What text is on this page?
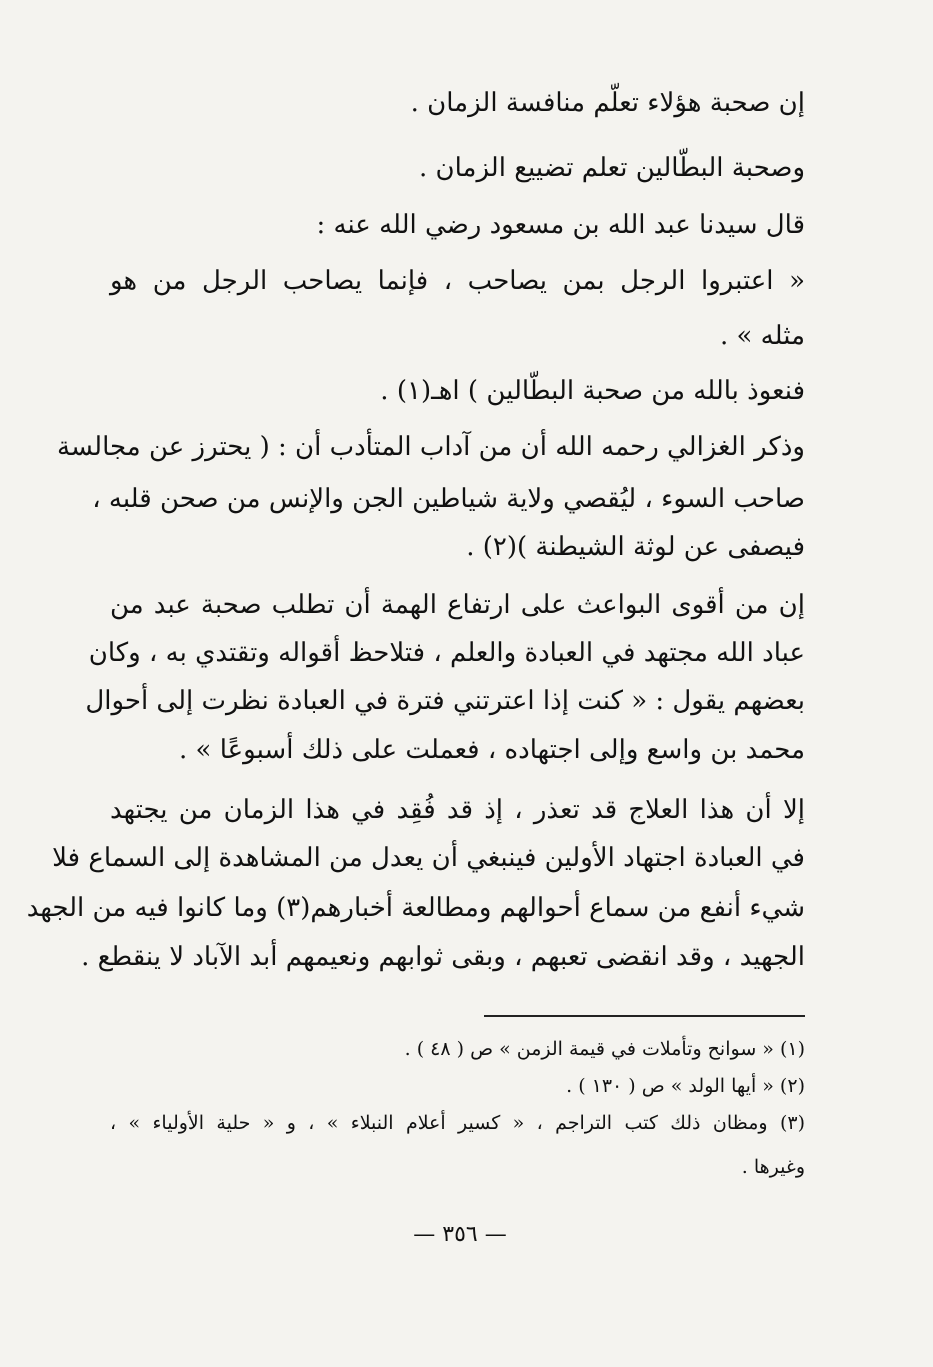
إن صحبة هؤلاء تعلّم منافسة الزمان .
وصحبة البطّالين تعلم تضييع الزمان .
قال سيدنا عبد الله بن مسعود رضي الله عنه :
« اعتبروا الرجل بمن يصاحب ، فإنما يصاحب الرجل من هو
مثله » .
فنعوذ بالله من صحبة البطّالين ) اهـ(١) .
وذكر الغزالي رحمه الله أن من آداب المتأدب أن : ( يحترز عن مجالسة
صاحب السوء ، ليُقصي ولاية شياطين الجن والإنس من صحن قلبه ،
فيصفى عن لوثة الشيطنة )(٢) .
إن من أقوى البواعث على ارتفاع الهمة أن تطلب صحبة عبد من
عباد الله مجتهد في العبادة والعلم ، فتلاحظ أقواله وتقتدي به ، وكان
بعضهم يقول : « كنت إذا اعترتني فترة في العبادة نظرت إلى أحوال
محمد بن واسع وإلى اجتهاده ، فعملت على ذلك أسبوعًا » .
إلا أن هذا العلاج قد تعذر ، إذ قد فُقِد في هذا الزمان من يجتهد
في العبادة اجتهاد الأولين فينبغي أن يعدل من المشاهدة إلى السماع فلا
شيء أنفع من سماع أحوالهم ومطالعة أخبارهم(٣) وما كانوا فيه من الجهد
الجهيد ، وقد انقضى تعبهم ، وبقى ثوابهم ونعيمهم أبد الآباد لا ينقطع .
(١) « سوانح وتأملات في قيمة الزمن » ص ( ٤٨ ) .
(٢) « أيها الولد » ص ( ١٣٠ ) .
(٣) ومظان ذلك كتب التراجم ، « كسير أعلام النبلاء » ، و « حلية الأولياء » ،
وغيرها .
— ٣٥٦ —
